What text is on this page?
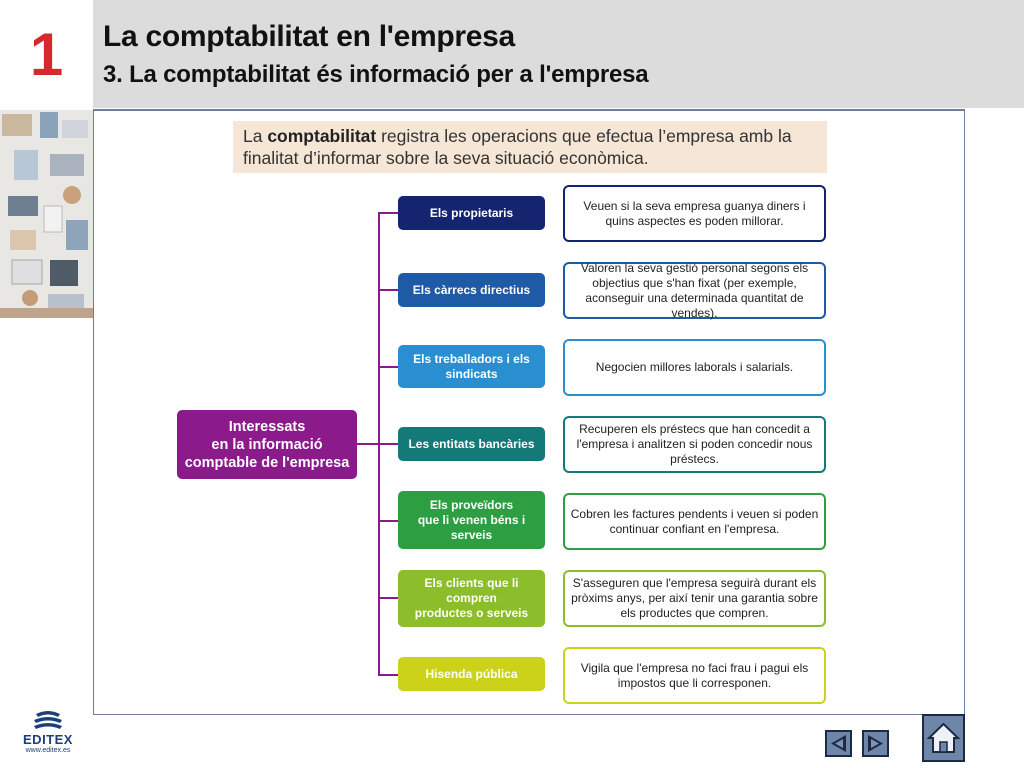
1	La comptabilitat en l'empresa
3. La comptabilitat és informació per a l'empresa
La comptabilitat registra les operacions que efectua l’empresa amb la finalitat d’informar sobre la seva situació econòmica.
Interessats
en la informació
comptable de l'empresa
Els propietaris
Els càrrecs directius
Els treballadors i els
sindicats
Les entitats bancàries
Els proveïdors
que li venen béns i serveis
Els clients que li compren
productes o serveis
Hisenda pública
Veuen si la seva empresa guanya diners i quins aspectes es poden millorar.
Valoren la seva gestió personal segons els objectius que s'han fixat (per exemple, aconseguir una determinada quantitat de vendes).
Negocien millores laborals i salarials.
Recuperen els préstecs que han concedit a l'empresa i analitzen si poden concedir nous préstecs.
Cobren les factures pendents i veuen si poden continuar confiant en l'empresa.
S'asseguren que l'empresa seguirà durant els pròxims anys, per així tenir una garantia sobre els productes que compren.
Vigila que l'empresa no faci frau i pagui els impostos que li corresponen.
EDITEX
www.editex.es
